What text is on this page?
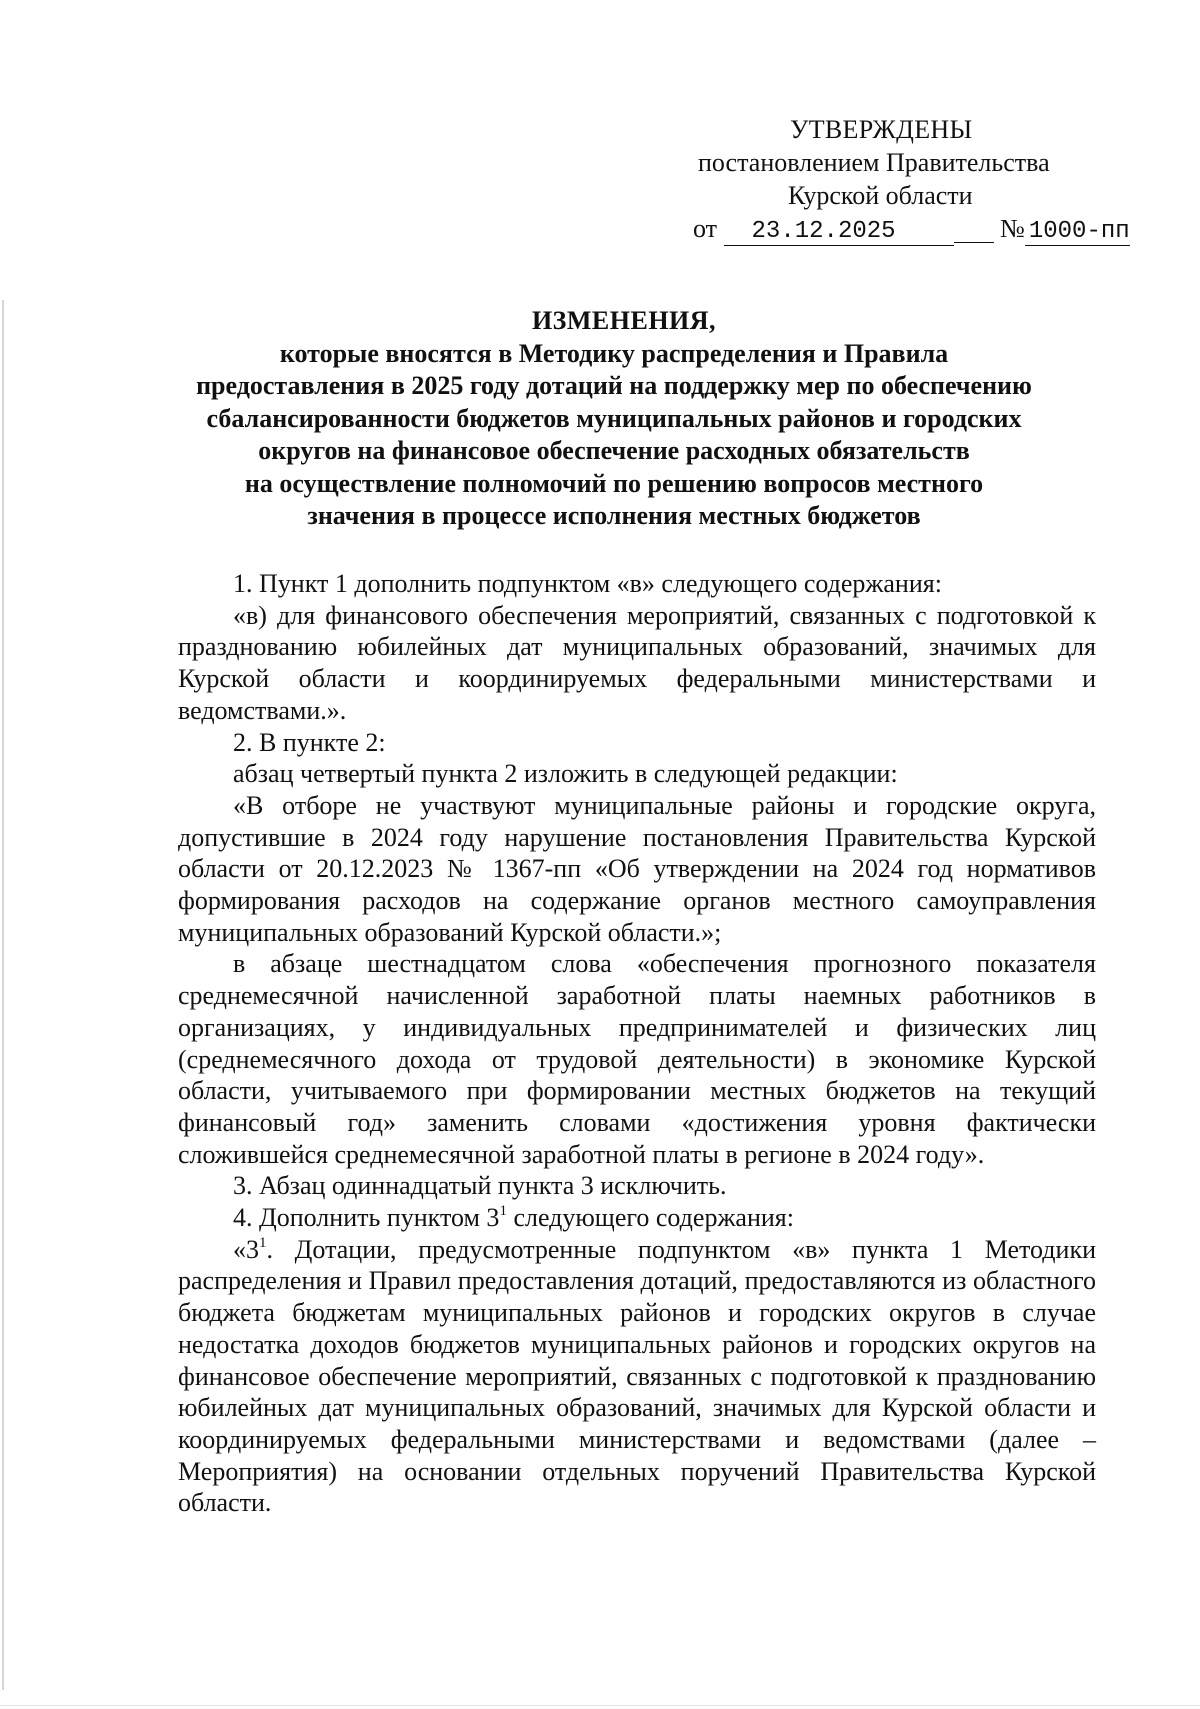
УТВЕРЖДЕНЫ
постановлением Правительства
Курской области
от 23.12.2025	№ 1000-пп
ИЗМЕНЕНИЯ,
которые вносятся в Методику распределения и Правила
предоставления в 2025 году дотаций на поддержку мер по обеспечению
сбалансированности бюджетов муниципальных районов и городских
округов на финансовое обеспечение расходных обязательств
на осуществление полномочий по решению вопросов местного
значения в процессе исполнения местных бюджетов

1. Пункт 1 дополнить подпунктом «в» следующего содержания:

«в) для финансового обеспечения мероприятий, связанных с подготовкой к празднованию юбилейных дат муниципальных образований, значимых для Курской области и координируемых федеральными министерствами и ведомствами.».

2. В пункте 2:

абзац четвертый пункта 2 изложить в следующей редакции:

«В отборе не участвуют муниципальные районы и городские округа, допустившие в 2024 году нарушение постановления Правительства Курской области от 20.12.2023 № 1367-пп «Об утверждении на 2024 год нормативов формирования расходов на содержание органов местного самоуправления муниципальных образований Курской области.»;

в абзаце шестнадцатом слова «обеспечения прогнозного показателя среднемесячной начисленной заработной платы наемных работников в организациях, у индивидуальных предпринимателей и физических лиц (среднемесячного дохода от трудовой деятельности) в экономике Курской области, учитываемого при формировании местных бюджетов на текущий финансовый год» заменить словами «достижения уровня фактически сложившейся среднемесячной заработной платы в регионе в 2024 году».

3. Абзац одиннадцатый пункта 3 исключить.

4. Дополнить пунктом $3^1$ следующего содержания:

«$3^1$. Дотации, предусмотренные подпунктом «в» пункта 1 Методики распределения и Правил предоставления дотаций, предоставляются из областного бюджета бюджетам муниципальных районов и городских округов в случае недостатка доходов бюджетов муниципальных районов и городских округов на финансовое обеспечение мероприятий, связанных с подготовкой к празднованию юбилейных дат муниципальных образований, значимых для Курской области и координируемых федеральными министерствами и ведомствами (далее – Мероприятия) на основании отдельных поручений Правительства Курской области.
